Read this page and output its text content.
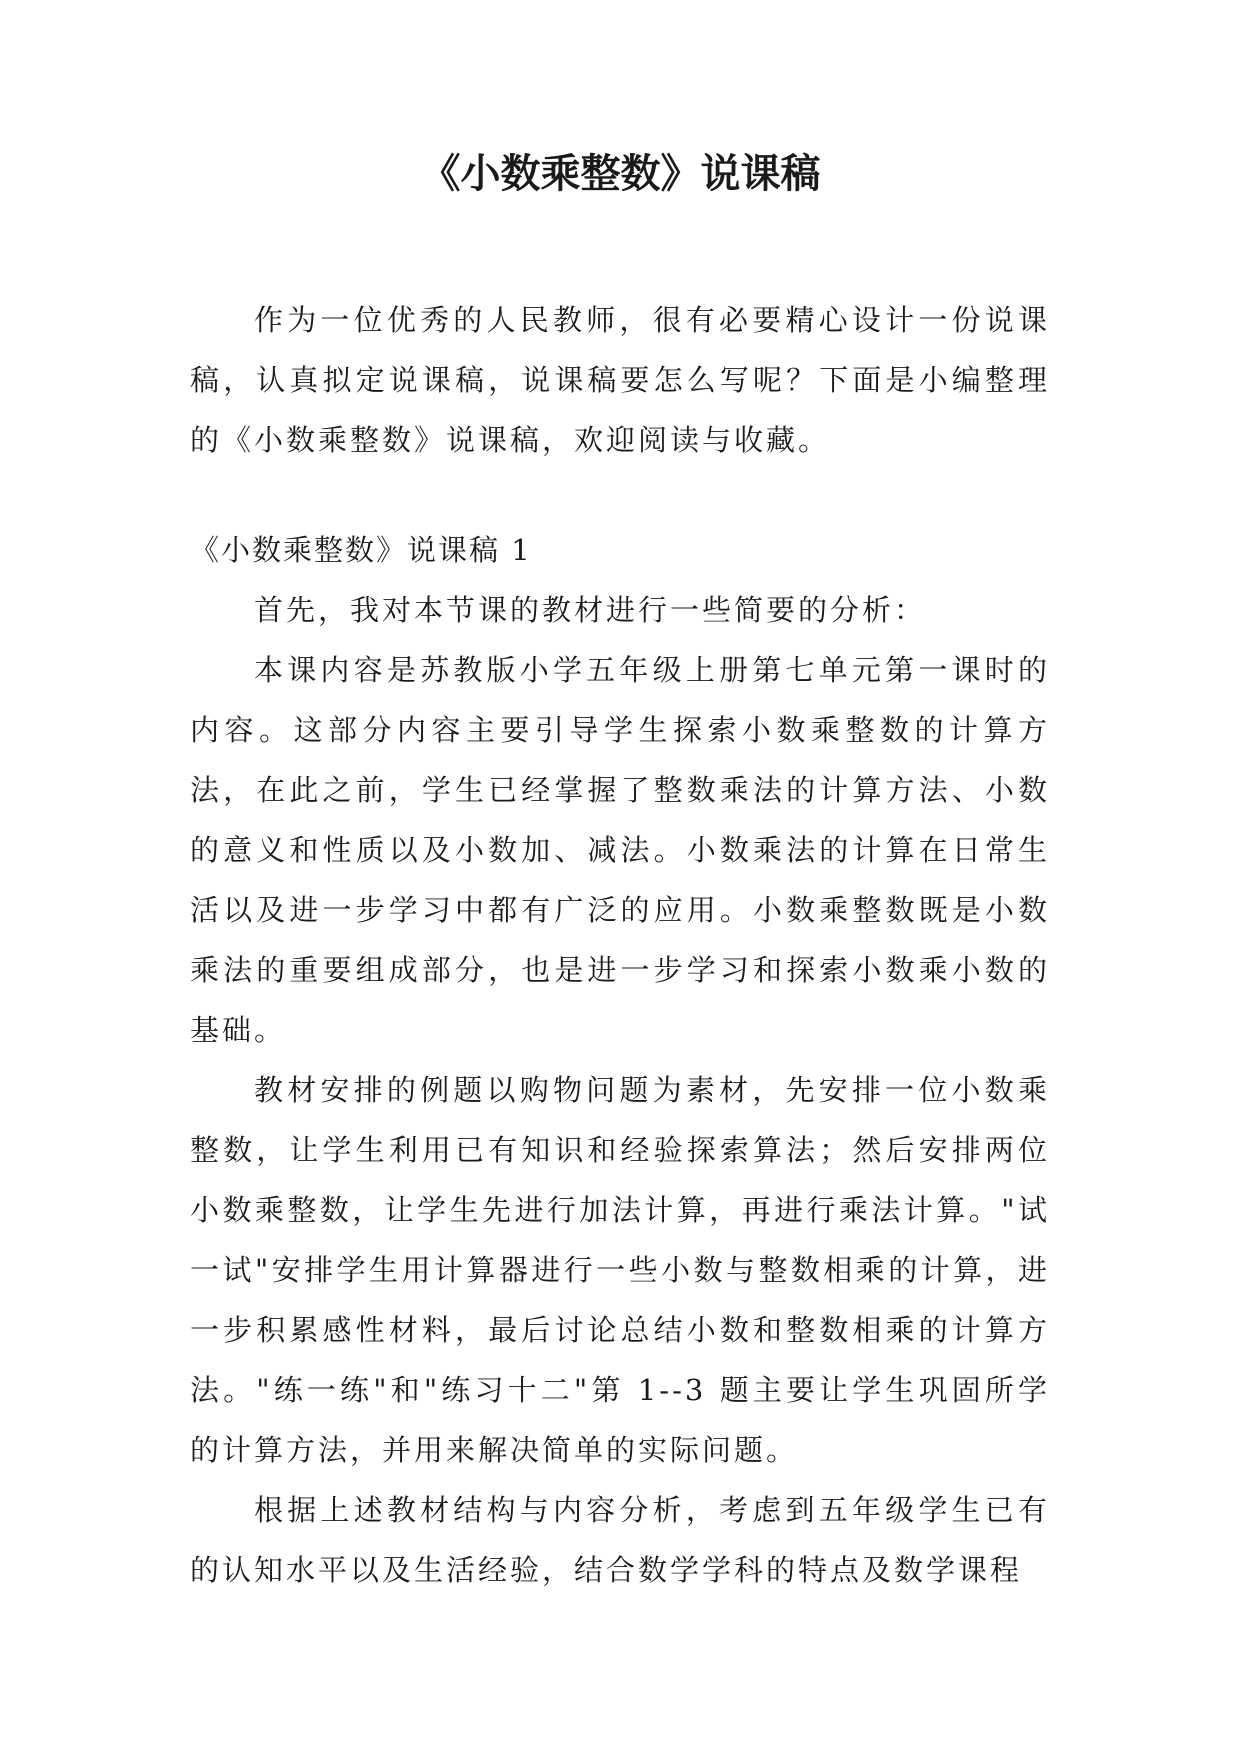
《小数乘整数》说课稿

作为一位优秀的人民教师，很有必要精心设计一份说课稿，认真拟定说课稿，说课稿要怎么写呢？下面是小编整理的《小数乘整数》说课稿，欢迎阅读与收藏。

《小数乘整数》说课稿 1

首先，我对本节课的教材进行一些简要的分析：

本课内容是苏教版小学五年级上册第七单元第一课时的内容。这部分内容主要引导学生探索小数乘整数的计算方法，在此之前，学生已经掌握了整数乘法的计算方法、小数的意义和性质以及小数加、减法。小数乘法的计算在日常生活以及进一步学习中都有广泛的应用。小数乘整数既是小数乘法的重要组成部分，也是进一步学习和探索小数乘小数的基础。

教材安排的例题以购物问题为素材，先安排一位小数乘整数，让学生利用已有知识和经验探索算法；然后安排两位小数乘整数，让学生先进行加法计算，再进行乘法计算。"试一试"安排学生用计算器进行一些小数与整数相乘的计算，进一步积累感性材料，最后讨论总结小数和整数相乘的计算方法。"练一练"和"练习十二"第 1--3 题主要让学生巩固所学的计算方法，并用来解决简单的实际问题。

根据上述教材结构与内容分析，考虑到五年级学生已有的认知水平以及生活经验，结合数学学科的特点及数学课程
